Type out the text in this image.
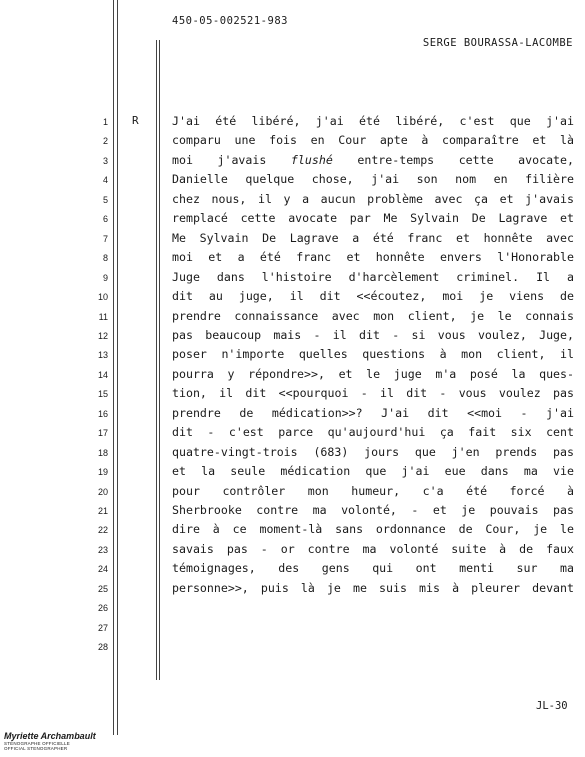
450-05-002521-983
SERGE BOURASSA-LACOMBE
R
1	J'ai été libéré, j'ai été libéré, c'est que j'ai
2	comparu une fois en Cour apte à comparaître et là
3	moi j'avais flushé entre-temps cette avocate,
4	Danielle quelque chose, j'ai son nom en filière
5	chez nous, il y a aucun problème avec ça et j'avais
6	remplacé cette avocate par Me Sylvain De Lagrave et
7	Me Sylvain De Lagrave a été franc et honnête avec
8	moi et a été franc et honnête envers l'Honorable
9	Juge dans l'histoire d'harcèlement criminel. Il a
10	dit au juge, il dit <<écoutez, moi je viens de
11	prendre connaissance avec mon client, je le connais
12	pas beaucoup mais - il dit - si vous voulez, Juge,
13	poser n'importe quelles questions à mon client, il
14	pourra y répondre>>, et le juge m'a posé la ques-
15	tion, il dit <<pourquoi - il dit - vous voulez pas
16	prendre de médication>>? J'ai dit <<moi - j'ai
17	dit - c'est parce qu'aujourd'hui ça fait six cent
18	quatre-vingt-trois (683) jours que j'en prends pas
19	et la seule médication que j'ai eue dans ma vie
20	pour contrôler mon humeur, c'a été forcé à
21	Sherbrooke contre ma volonté, - et je pouvais pas
22	dire à ce moment-là sans ordonnance de Cour, je le
23	savais pas - or contre ma volonté suite à de faux
24	témoignages, des gens qui ont menti sur ma
25	personne>>, puis là je me suis mis à pleurer devant
26
27
28
JL-30
Myriette Archambault
STÉNOGRAPHE OFFICIELLE
OFFICIAL STENOGRAPHER
